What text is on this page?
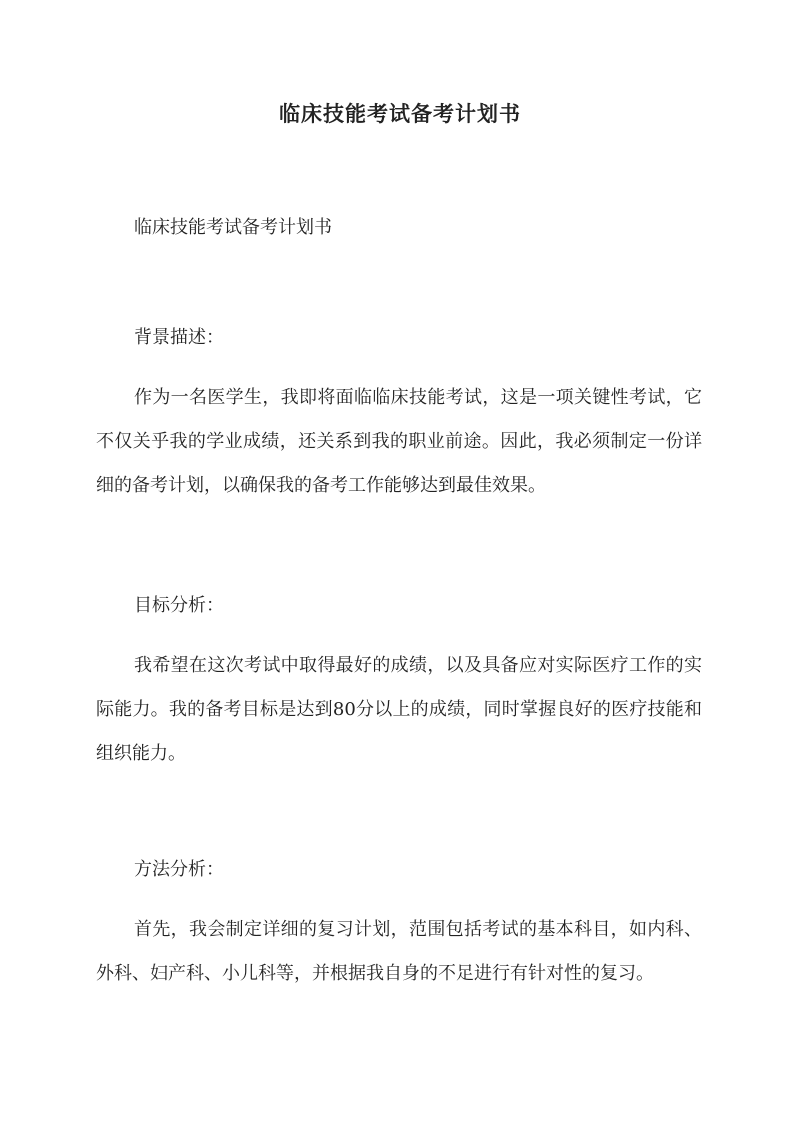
临床技能考试备考计划书
临床技能考试备考计划书
背景描述：
作为一名医学生，我即将面临临床技能考试，这是一项关键性考试，它不仅关乎我的学业成绩，还关系到我的职业前途。因此，我必须制定一份详细的备考计划，以确保我的备考工作能够达到最佳效果。
目标分析：
我希望在这次考试中取得最好的成绩，以及具备应对实际医疗工作的实际能力。我的备考目标是达到80分以上的成绩，同时掌握良好的医疗技能和组织能力。
方法分析：
首先，我会制定详细的复习计划，范围包括考试的基本科目，如内科、外科、妇产科、小儿科等，并根据我自身的不足进行有针对性的复习。
